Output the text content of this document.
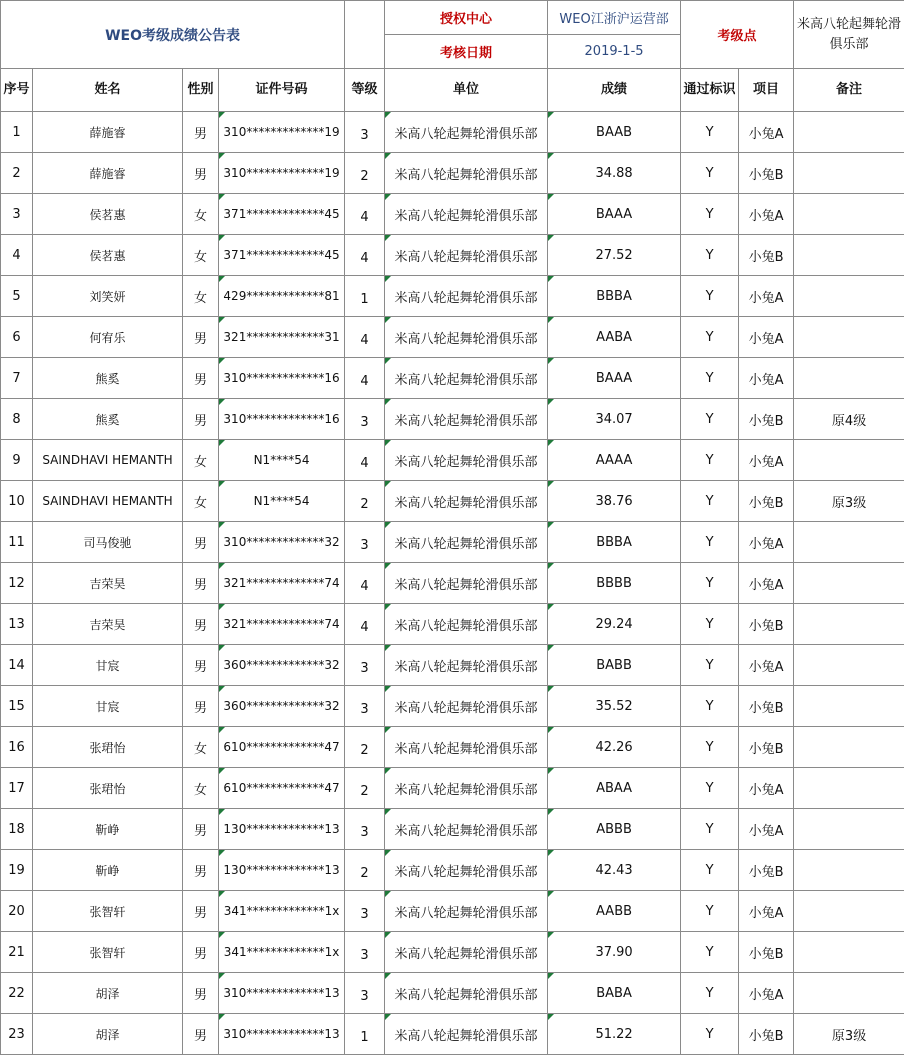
WEO考级成绩公告表					授权中心	WEO江浙沪运营部	考级点		米高八轮起舞轮滑俱乐部
					考核日期	2019-1-5			
序号	姓名	性别	证件号码	等级	单位	成绩	通过标识	项目	备注
1	薛施睿	男	310*************19	3	米高八轮起舞轮滑俱乐部	BAAB	Y	小兔A	
2	薛施睿	男	310*************19	2	米高八轮起舞轮滑俱乐部	34.88	Y	小兔B	
3	侯茗惠	女	371*************45	4	米高八轮起舞轮滑俱乐部	BAAA	Y	小兔A	
4	侯茗惠	女	371*************45	4	米高八轮起舞轮滑俱乐部	27.52	Y	小兔B	
5	刘笑妍	女	429*************81	1	米高八轮起舞轮滑俱乐部	BBBA	Y	小兔A	
6	何宥乐	男	321*************31	4	米高八轮起舞轮滑俱乐部	AABA	Y	小兔A	
7	熊奚	男	310*************16	4	米高八轮起舞轮滑俱乐部	BAAA	Y	小兔A	
8	熊奚	男	310*************16	3	米高八轮起舞轮滑俱乐部	34.07	Y	小兔B	原4级
9	SAINDHAVI HEMANTH	女	N1****54	4	米高八轮起舞轮滑俱乐部	AAAA	Y	小兔A	
10	SAINDHAVI HEMANTH	女	N1****54	2	米高八轮起舞轮滑俱乐部	38.76	Y	小兔B	原3级
11	司马俊驰	男	310*************32	3	米高八轮起舞轮滑俱乐部	BBBA	Y	小兔A	
12	吉荣昊	男	321*************74	4	米高八轮起舞轮滑俱乐部	BBBB	Y	小兔A	
13	吉荣昊	男	321*************74	4	米高八轮起舞轮滑俱乐部	29.24	Y	小兔B	
14	甘宸	男	360*************32	3	米高八轮起舞轮滑俱乐部	BABB	Y	小兔A	
15	甘宸	男	360*************32	3	米高八轮起舞轮滑俱乐部	35.52	Y	小兔B	
16	张珺怡	女	610*************47	2	米高八轮起舞轮滑俱乐部	42.26	Y	小兔B	
17	张珺怡	女	610*************47	2	米高八轮起舞轮滑俱乐部	ABAA	Y	小兔A	
18	靳峥	男	130*************13	3	米高八轮起舞轮滑俱乐部	ABBB	Y	小兔A	
19	靳峥	男	130*************13	2	米高八轮起舞轮滑俱乐部	42.43	Y	小兔B	
20	张智轩	男	341*************1x	3	米高八轮起舞轮滑俱乐部	AABB	Y	小兔A	
21	张智轩	男	341*************1x	3	米高八轮起舞轮滑俱乐部	37.90	Y	小兔B	
22	胡泽	男	310*************13	3	米高八轮起舞轮滑俱乐部	BABA	Y	小兔A	
23	胡泽	男	310*************13	1	米高八轮起舞轮滑俱乐部	51.22	Y	小兔B	原3级
